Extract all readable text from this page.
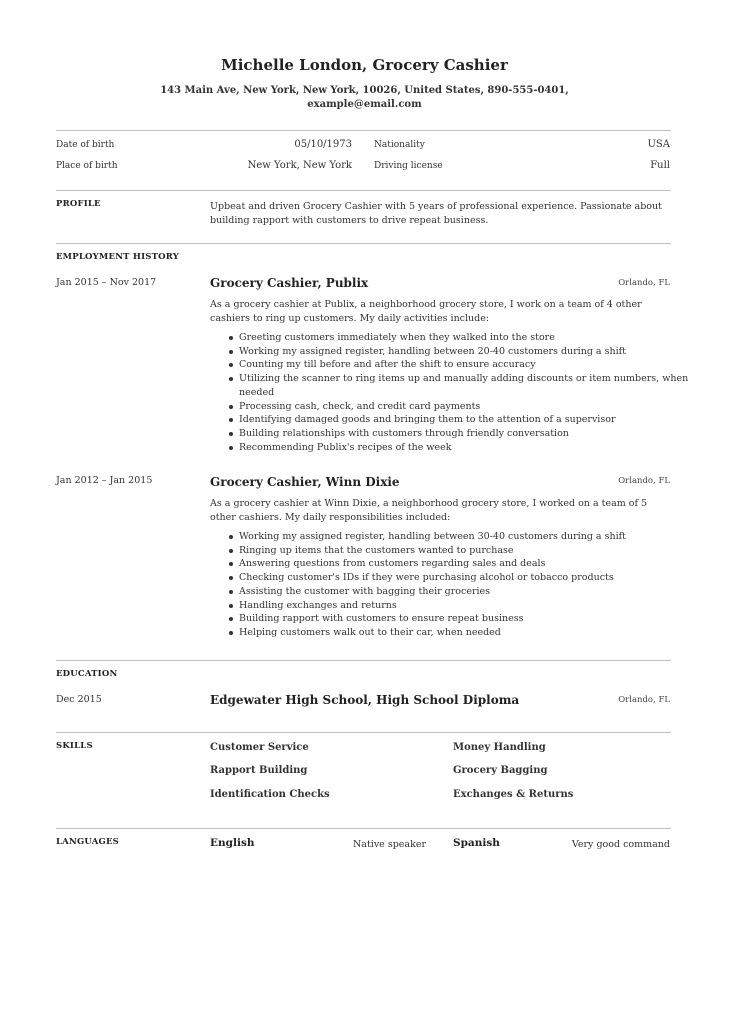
Michelle London, Grocery Cashier
143 Main Ave, New York, New York, 10026, United States, 890-555-0401,
example@email.com
Date of birth	05/10/1973 Nationality	USA
Place of birth	New York, New York Driving license	Full
PROFILE	Upbeat and driven Grocery Cashier with 5 years of professional experience. Passionate about building rapport with customers to drive repeat business.
EMPLOYMENT HISTORY
Jan 2015 – Nov 2017	Grocery Cashier, Publix	Orlando, FL
As a grocery cashier at Publix, a neighborhood grocery store, I work on a team of 4 other cashiers to ring up customers. My daily activities include:
Greeting customers immediately when they walked into the store
Working my assigned register, handling between 20-40 customers during a shift
Counting my till before and after the shift to ensure accuracy
Utilizing the scanner to ring items up and manually adding discounts or item numbers, when needed
Processing cash, check, and credit card payments
Identifying damaged goods and bringing them to the attention of a supervisor
Building relationships with customers through friendly conversation
Recommending Publix's recipes of the week
Jan 2012 – Jan 2015	Grocery Cashier, Winn Dixie	Orlando, FL
As a grocery cashier at Winn Dixie, a neighborhood grocery store, I worked on a team of 5 other cashiers. My daily responsibilities included:
Working my assigned register, handling between 30-40 customers during a shift
Ringing up items that the customers wanted to purchase
Answering questions from customers regarding sales and deals
Checking customer's IDs if they were purchasing alcohol or tobacco products
Assisting the customer with bagging their groceries
Handling exchanges and returns
Building rapport with customers to ensure repeat business
Helping customers walk out to their car, when needed
EDUCATION
Dec 2015	Edgewater High School, High School Diploma	Orlando, FL
SKILLS	Customer Service	Money Handling
Rapport Building	Grocery Bagging
Identification Checks	Exchanges & Returns
LANGUAGES	English	Native speaker	Spanish	Very good command
